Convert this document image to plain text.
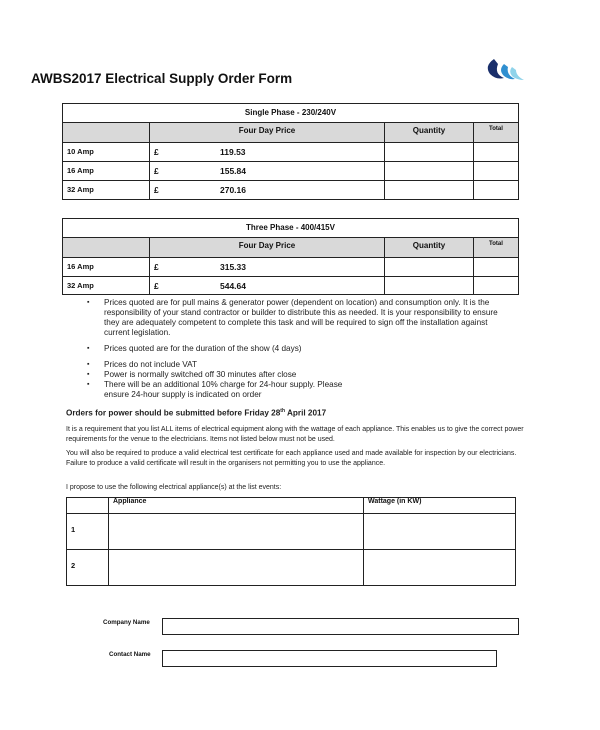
AWBS2017 Electrical Supply Order Form
Single Phase - 230/240V			
	Four Day Price	Quantity	Total
10 Amp	£ 119.53		
16 Amp	£ 155.84		
32 Amp	£ 270.16		
Three Phase - 400/415V			
	Four Day Price	Quantity	Total
16 Amp	£ 315.33		
32 Amp	£ 544.64		
▪ Prices quoted are for pull mains & generator power (dependent on location) and consumption only. It is the responsibility of your stand contractor or builder to distribute this as needed. It is your responsibility to ensure they are adequately competent to complete this task and will be required to sign off the installation against current legislation.
▪ Prices quoted are for the duration of the show (4 days)
▪ Prices do not include VAT
▪ Power is normally switched off 30 minutes after close
▪ There will be an additional 10% charge for 24-hour supply. Please ensure 24-hour supply is indicated on order
Orders for power should be submitted before Friday 28th April 2017
It is a requirement that you list ALL items of electrical equipment along with the wattage of each appliance. This enables us to give the correct power requirements for the venue to the electricians. Items not listed below must not be used.
You will also be required to produce a valid electrical test certificate for each appliance used and made available for inspection by our electricians. Failure to produce a valid certificate will result in the organisers not permitting you to use the appliance.
I propose to use the following electrical appliance(s) at the list events:
	Appliance	Wattage (in KW)
1		
2		
Company Name
Contact Name
